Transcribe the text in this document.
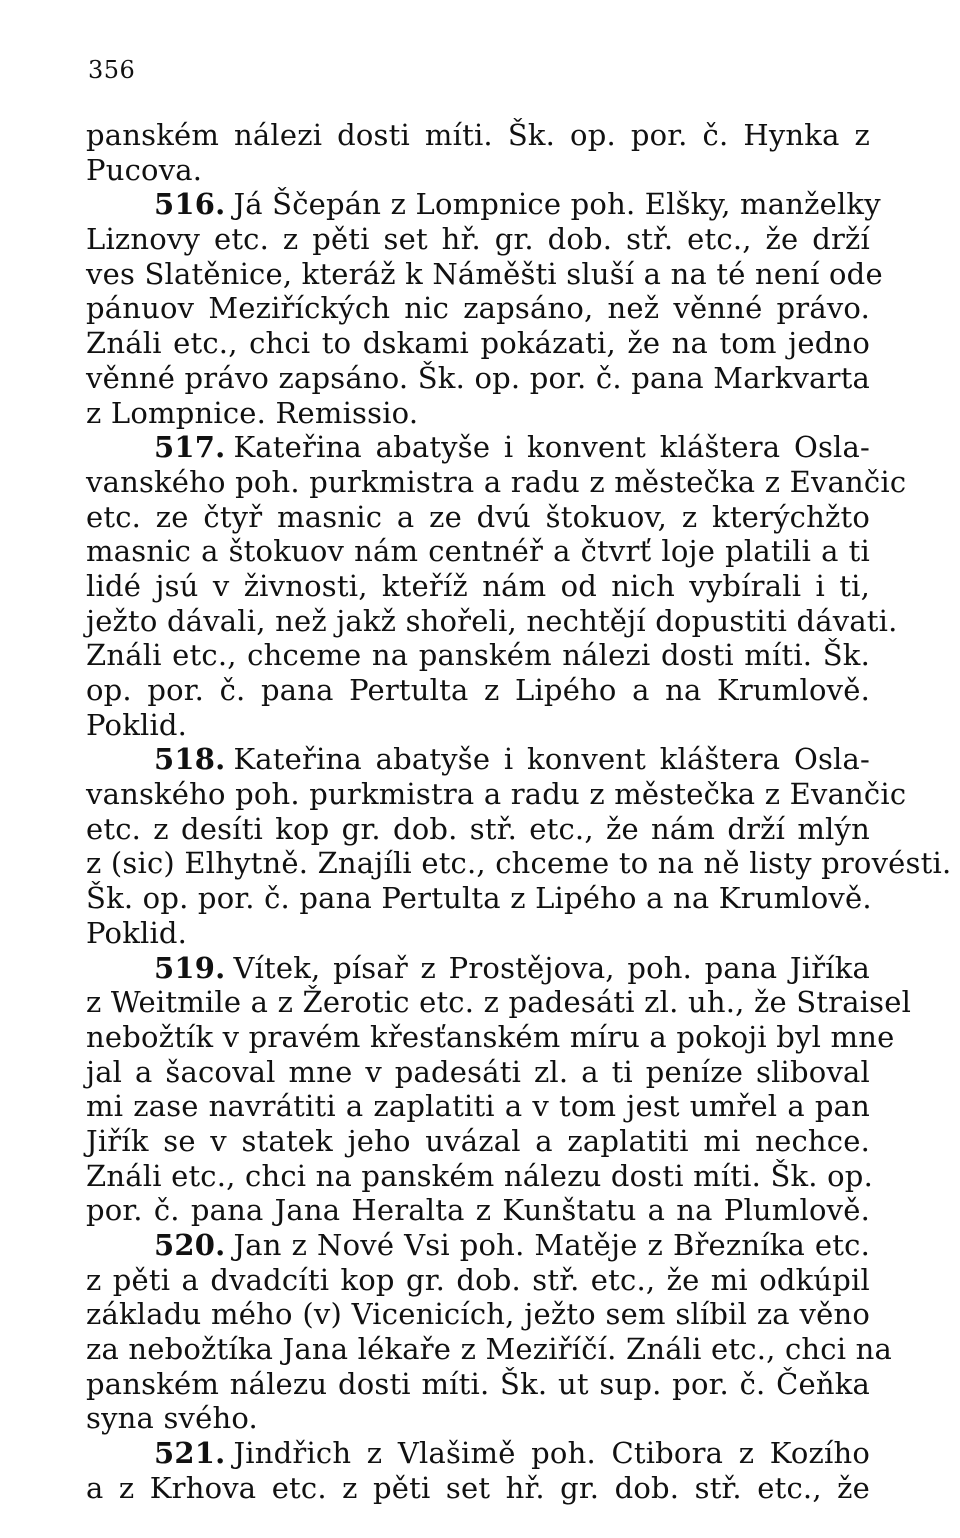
356
panském nálezi dosti míti. Šk. op. por. č. Hynka z
Pucova.
516. Já Ščepán z Lompnice poh. Elšky, manželky
Liznovy etc. z pěti set hř. gr. dob. stř. etc., že drží
ves Slatěnice, kteráž k Náměšti sluší a na té není ode
pánuov Meziříckých nic zapsáno, než věnné právo.
Ználi etc., chci to dskami pokázati, že na tom jedno
věnné právo zapsáno. Šk. op. por. č. pana Markvarta
z Lompnice. Remissio.
517. Kateřina abatyše i konvent kláštera Osla-
vanského poh. purkmistra a radu z městečka z Evančic
etc. ze čtyř masnic a ze dvú štokuov, z kterýchžto
masnic a štokuov nám centnéř a čtvrť loje platili a ti
lidé jsú v živnosti, kteříž nám od nich vybírali i ti,
ježto dávali, než jakž shořeli, nechtějí dopustiti dávati.
Ználi etc., chceme na panském nálezi dosti míti. Šk.
op. por. č. pana Pertulta z Lipého a na Krumlově.
Poklid.
518. Kateřina abatyše i konvent kláštera Osla-
vanského poh. purkmistra a radu z městečka z Evančic
etc. z desíti kop gr. dob. stř. etc., že nám drží mlýn
z (sic) Elhytně. Znajíli etc., chceme to na ně listy provésti.
Šk. op. por. č. pana Pertulta z Lipého a na Krumlově.
Poklid.
519. Vítek, písař z Prostějova, poh. pana Jiříka
z Weitmile a z Žerotic etc. z padesáti zl. uh., že Straisel
nebožtík v pravém křesťanském míru a pokoji byl mne
jal a šacoval mne v padesáti zl. a ti peníze sliboval
mi zase navrátiti a zaplatiti a v tom jest umřel a pan
Jiřík se v statek jeho uvázal a zaplatiti mi nechce.
Ználi etc., chci na panském nálezu dosti míti. Šk. op.
por. č. pana Jana Heralta z Kunštatu a na Plumlově.
520. Jan z Nové Vsi poh. Matěje z Březníka etc.
z pěti a dvadcíti kop gr. dob. stř. etc., že mi odkúpil
základu mého (v) Vicenicích, ježto sem slíbil za věno
za nebožtíka Jana lékaře z Meziříčí. Ználi etc., chci na
panském nálezu dosti míti. Šk. ut sup. por. č. Čeňka
syna svého.
521. Jindřich z Vlašimě poh. Ctibora z Kozího
a z Krhova etc. z pěti set hř. gr. dob. stř. etc., že
